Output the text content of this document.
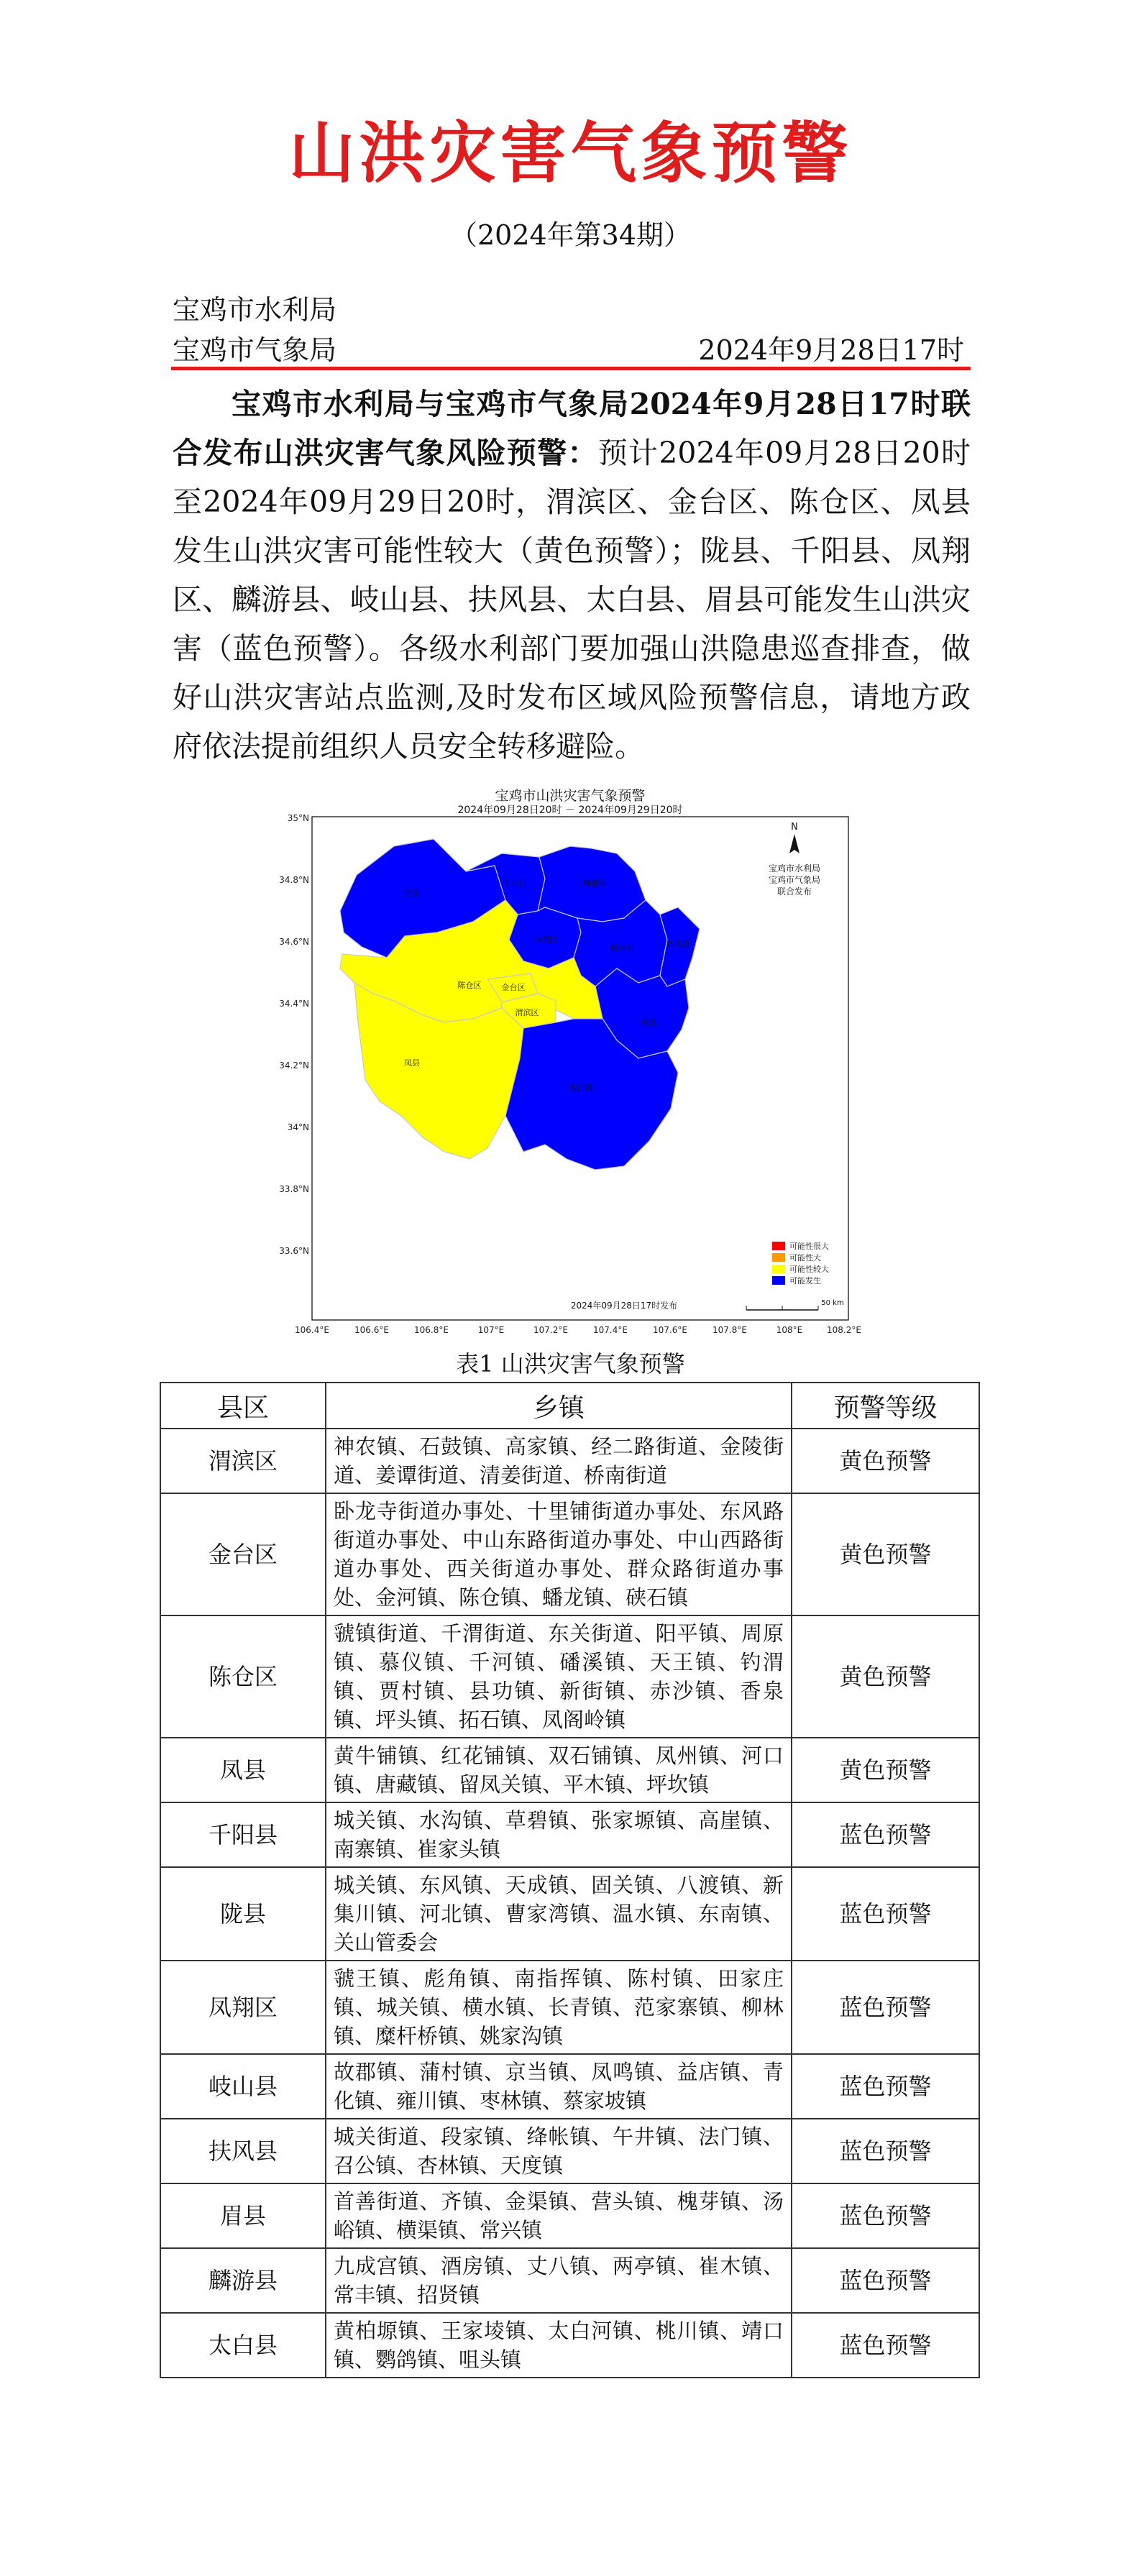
山洪灾害气象预警
（2024年第34期）
宝鸡市水利局
宝鸡市气象局	2024年9月28日17时
宝鸡市水利局与宝鸡市气象局2024年9月28日17时联合发布山洪灾害气象风险预警：预计2024年09月28日20时至2024年09月29日20时，渭滨区、金台区、陈仓区、凤县发生山洪灾害可能性较大（黄色预警）；陇县、千阳县、凤翔区、麟游县、岐山县、扶风县、太白县、眉县可能发生山洪灾害（蓝色预警）。各级水利部门要加强山洪隐患巡查排查，做好山洪灾害站点监测,及时发布区域风险预警信息，请地方政府依法提前组织人员安全转移避险。
宝鸡市山洪灾害气象预警
2024年09月28日20时 － 2024年09月29日20时
35°N
34.8°N
34.6°N
34.4°N
34.2°N
34°N
33.8°N
33.6°N
106.4°E	106.6°E	106.8°E	107°E	107.2°E	107.4°E	107.6°E	107.8°E	108°E	108.2°E
陇县
千阳县	麟游县
凤翔区
岐山县	扶风县
眉县
陈仓区	金台区
渭滨区
凤县
太白县
N
宝鸡市水利局
宝鸡市气象局
联合发布
可能性很大
可能性大
可能性较大
可能发生
2024年09月28日17时发布	50 km
表1 山洪灾害气象预警
县区	乡镇	预警等级
渭滨区	神农镇、石鼓镇、高家镇、经二路街道、金陵街道、姜谭街道、清姜街道、桥南街道	黄色预警
金台区	卧龙寺街道办事处、十里铺街道办事处、东风路街道办事处、中山东路街道办事处、中山西路街道办事处、西关街道办事处、群众路街道办事处、金河镇、陈仓镇、蟠龙镇、硖石镇	黄色预警
陈仓区	虢镇街道、千渭街道、东关街道、阳平镇、周原镇、慕仪镇、千河镇、磻溪镇、天王镇、钓渭镇、贾村镇、县功镇、新街镇、赤沙镇、香泉镇、坪头镇、拓石镇、凤阁岭镇	黄色预警
凤县	黄牛铺镇、红花铺镇、双石铺镇、凤州镇、河口镇、唐藏镇、留凤关镇、平木镇、坪坎镇	黄色预警
千阳县	城关镇、水沟镇、草碧镇、张家塬镇、高崖镇、南寨镇、崔家头镇	蓝色预警
陇县	城关镇、东风镇、天成镇、固关镇、八渡镇、新集川镇、河北镇、曹家湾镇、温水镇、东南镇、关山管委会	蓝色预警
凤翔区	虢王镇、彪角镇、南指挥镇、陈村镇、田家庄镇、城关镇、横水镇、长青镇、范家寨镇、柳林镇、糜杆桥镇、姚家沟镇	蓝色预警
岐山县	故郡镇、蒲村镇、京当镇、凤鸣镇、益店镇、青化镇、雍川镇、枣林镇、蔡家坡镇	蓝色预警
扶风县	城关街道、段家镇、绛帐镇、午井镇、法门镇、召公镇、杏林镇、天度镇	蓝色预警
眉县	首善街道、齐镇、金渠镇、营头镇、槐芽镇、汤峪镇、横渠镇、常兴镇	蓝色预警
麟游县	九成宫镇、酒房镇、丈八镇、两亭镇、崔木镇、常丰镇、招贤镇	蓝色预警
太白县	黄柏塬镇、王家堎镇、太白河镇、桃川镇、靖口镇、鹦鸽镇、咀头镇	蓝色预警
